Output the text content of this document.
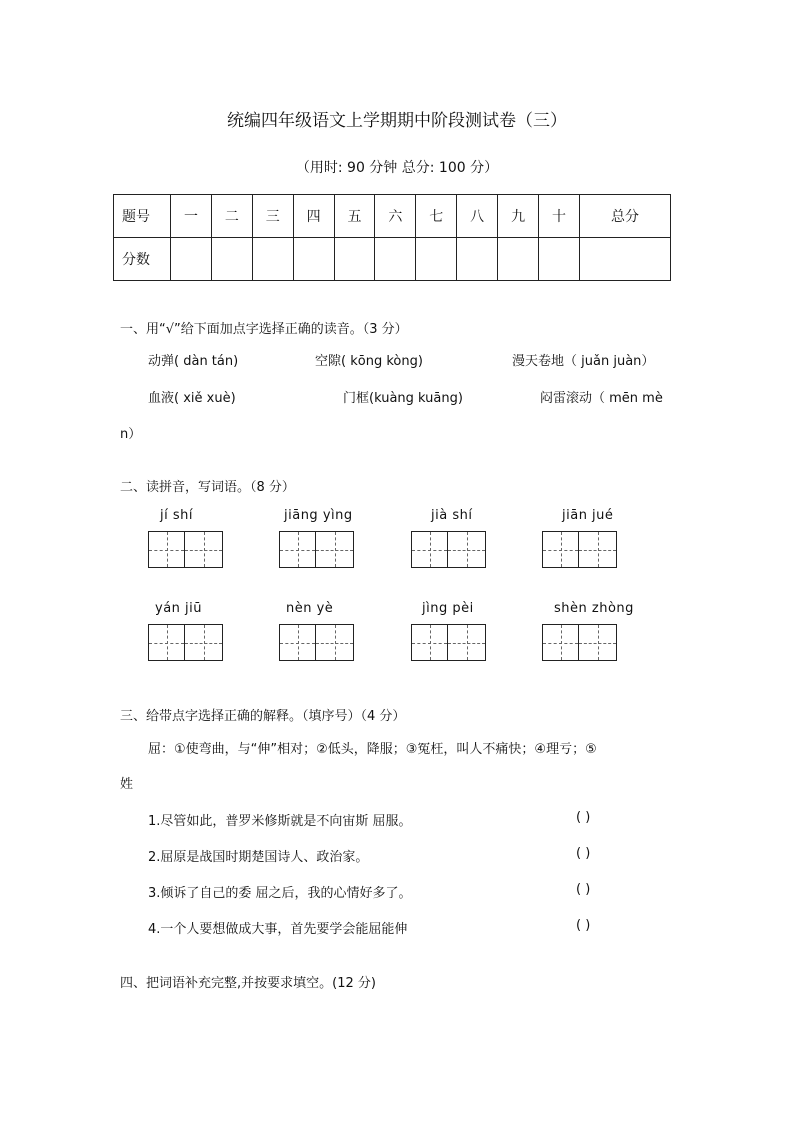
统编四年级语文上学期期中阶段测试卷（三）
（用时: 90 分钟 总分: 100 分）
题号	一	二	三	四	五	六	七	八	九	十	总分
分数											
一、用“√”给下面加点字选择正确的读音。（3 分）
动弹( dàn tán)	空隙( kōng kòng)	漫天卷地（ juǎn juàn）
血液( xiě xuè)	门框(kuàng kuāng)	闷雷滚动（ mēn mè
n）
二、读拼音，写词语。（8 分）
jí shí	jiāng yìng	jià shí	jiān jué
yán jiū	nèn yè	jìng pèi	shèn zhòng
三、给带点字选择正确的解释。（填序号）（4 分）
屈：①使弯曲，与“伸”相对；②低头，降服；③冤枉，叫人不痛快；④理亏；⑤
姓
1.尽管如此，普罗米修斯就是不向宙斯 屈服。	( )
2.屈原是战国时期楚国诗人、政治家。	( )
3.倾诉了自己的委 屈之后，我的心情好多了。	( )
4.一个人要想做成大事，首先要学会能屈能伸	( )
四、把词语补充完整,并按要求填空。(12 分)
